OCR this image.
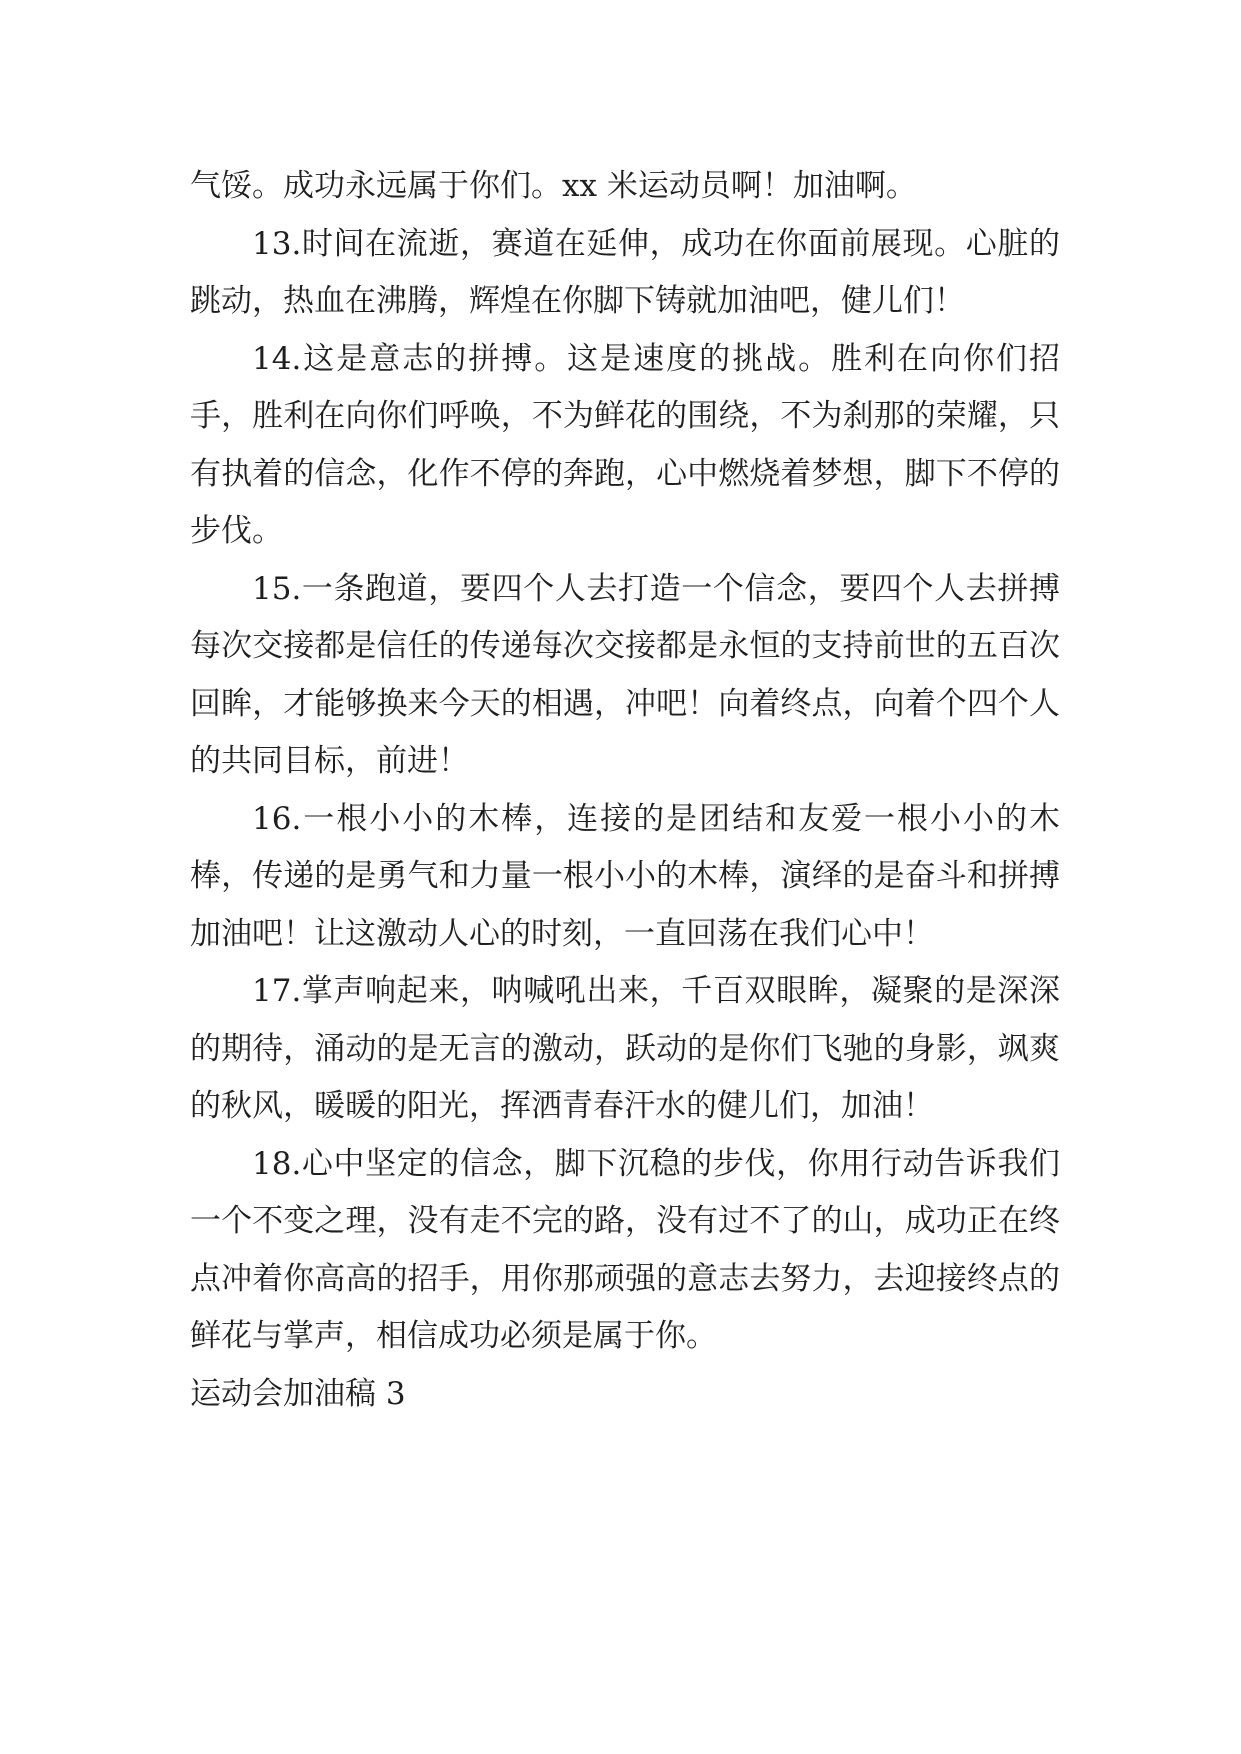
气馁。成功永远属于你们。xx 米运动员啊！加油啊。

13.时间在流逝，赛道在延伸，成功在你面前展现。心脏的跳动，热血在沸腾，辉煌在你脚下铸就加油吧，健儿们！

14.这是意志的拼搏。这是速度的挑战。胜利在向你们招手，胜利在向你们呼唤，不为鲜花的围绕，不为刹那的荣耀，只有执着的信念，化作不停的奔跑，心中燃烧着梦想，脚下不停的步伐。

15.一条跑道，要四个人去打造一个信念，要四个人去拼搏每次交接都是信任的传递每次交接都是永恒的支持前世的五百次回眸，才能够换来今天的相遇，冲吧！向着终点，向着个四个人的共同目标，前进！

16.一根小小的木棒，连接的是团结和友爱一根小小的木棒，传递的是勇气和力量一根小小的木棒，演绎的是奋斗和拼搏加油吧！让这激动人心的时刻，一直回荡在我们心中！

17.掌声响起来，呐喊吼出来，千百双眼眸，凝聚的是深深的期待，涌动的是无言的激动，跃动的是你们飞驰的身影，飒爽的秋风，暖暖的阳光，挥洒青春汗水的健儿们，加油！

18.心中坚定的信念，脚下沉稳的步伐，你用行动告诉我们一个不变之理，没有走不完的路，没有过不了的山，成功正在终点冲着你高高的招手，用你那顽强的意志去努力，去迎接终点的鲜花与掌声，相信成功必须是属于你。

运动会加油稿 3
